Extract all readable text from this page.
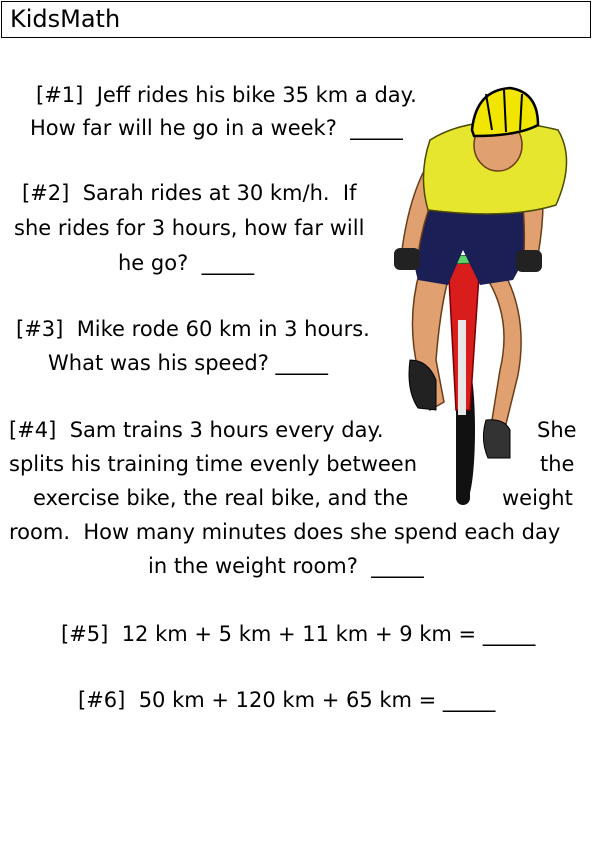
KidsMath
[#1]  Jeff rides his bike 35 km a day.
How far will he go in a week?  _____
[#2]  Sarah rides at 30 km/h.  If
she rides for 3 hours, how far will
he go?  _____
[#3]  Mike rode 60 km in 3 hours.
What was his speed? _____
[#4]  Sam trains 3 hours every day.	She
splits his training time evenly between	the
exercise bike, the real bike, and the	weight
room.  How many minutes does she spend each day
in the weight room?  _____
[#5]  12 km + 5 km + 11 km + 9 km = _____
[#6]  50 km + 120 km + 65 km = _____
